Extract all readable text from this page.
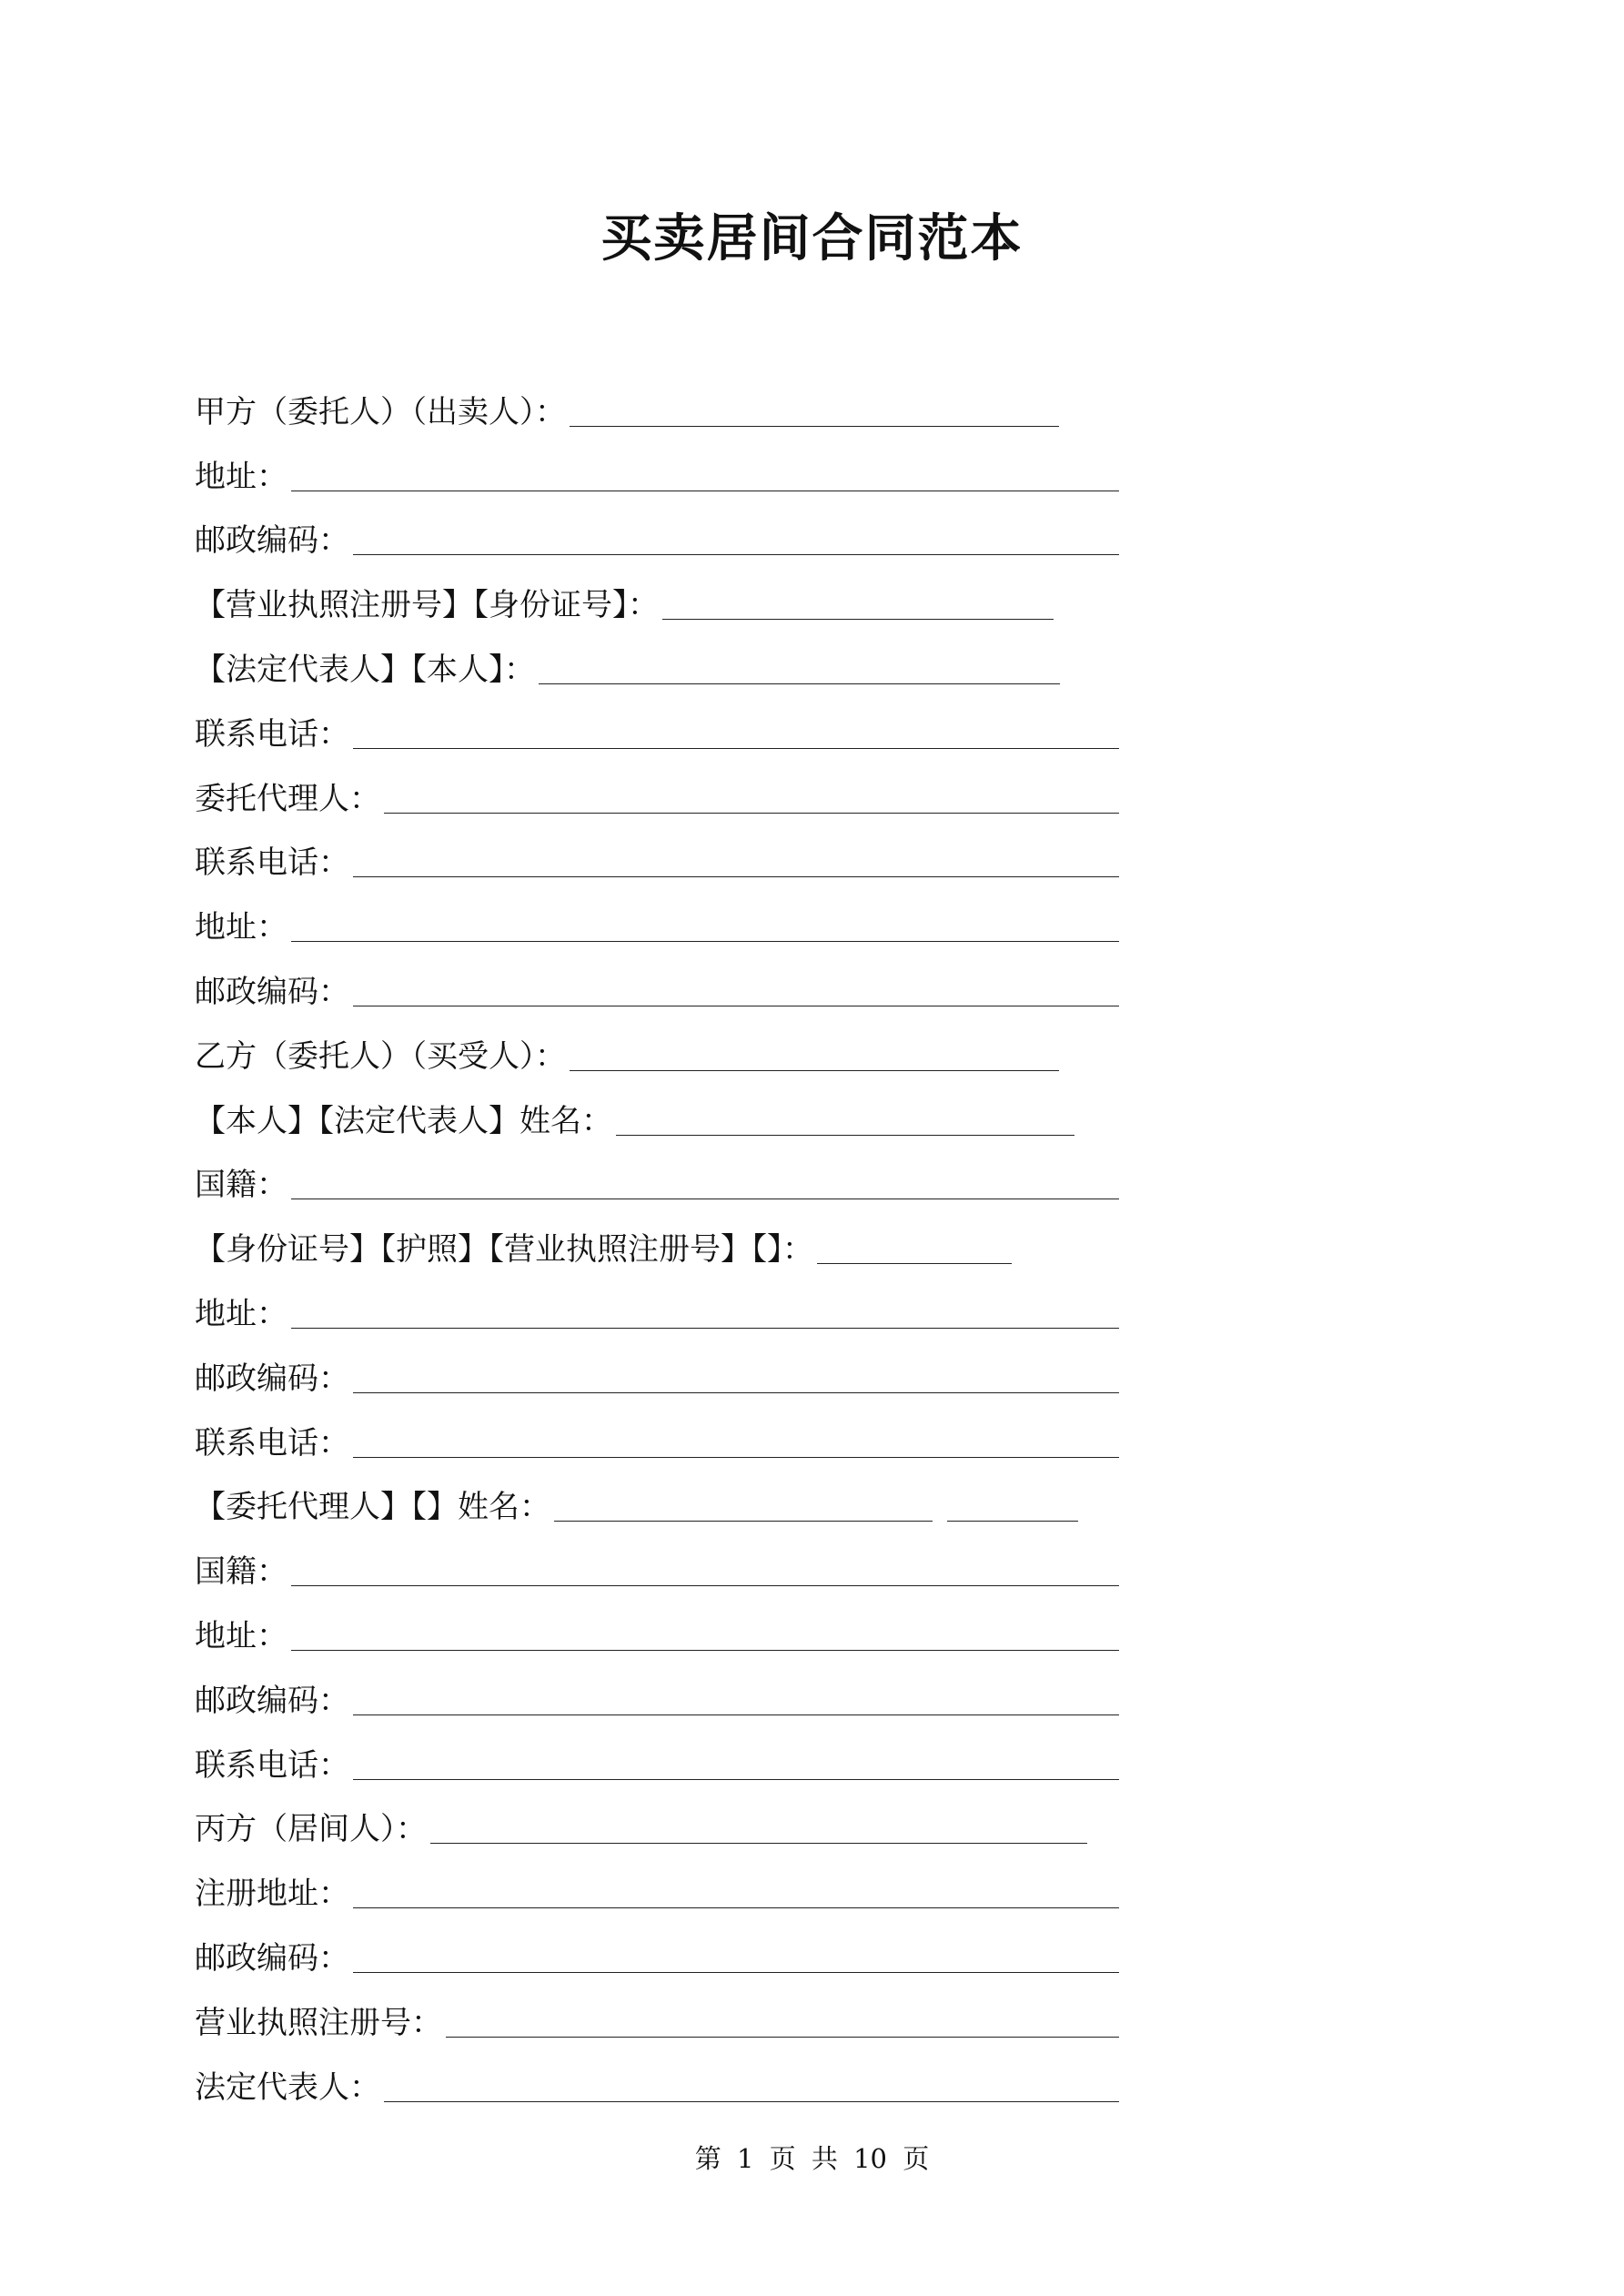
买卖居间合同范本
甲方（委托人）（出卖人）：
地址：
邮政编码：
【营业执照注册号】【身份证号】：
【法定代表人】【本人】：
联系电话：
委托代理人：
联系电话：
地址：
邮政编码：
乙方（委托人）（买受人）：
【本人】【法定代表人】姓名：
国籍：
【身份证号】【护照】【营业执照注册号】【】：
地址：
邮政编码：
联系电话：
【委托代理人】【】姓名：
国籍：
地址：
邮政编码：
联系电话：
丙方（居间人）：
注册地址：
邮政编码：
营业执照注册号：
法定代表人：
第 1 页 共 10 页
